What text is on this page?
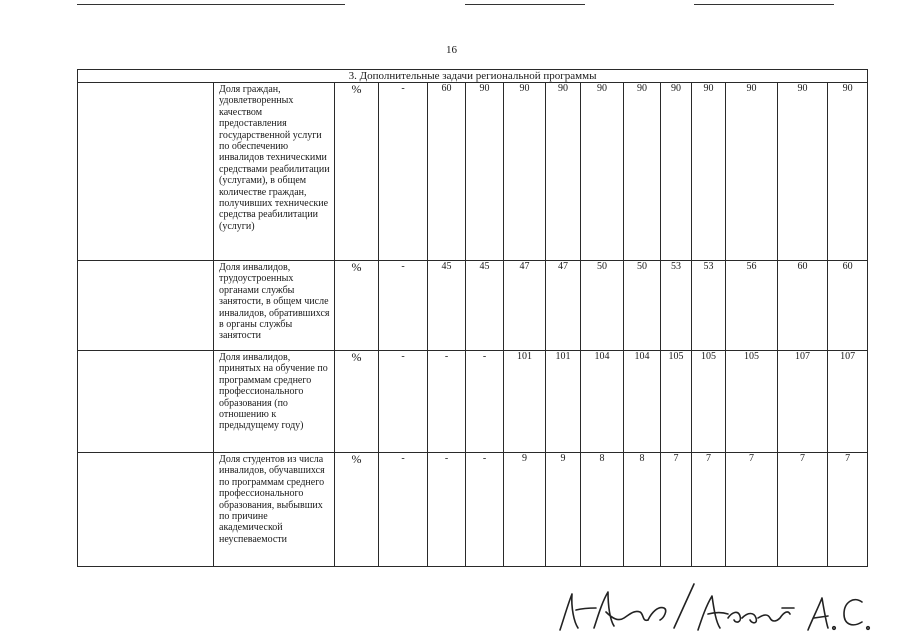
16
3. Дополнительные задачи региональной программы														
	Доля граждан, удовлетворенных качеством предоставления государственной услуги по обеспечению инвалидов техническими средствами реабилитации (услугами), в общем количестве граждан, получивших технические средства реабилитации (услуги)	%	-	60	90	90	90	90	90	90	90	90	90	90
	Доля инвалидов, трудоустроенных органами службы занятости, в общем числе инвалидов, обратившихся в органы службы занятости	%	-	45	45	47	47	50	50	53	53	56	60	60
	Доля инвалидов, принятых на обучение по программам среднего профессионального образования (по отношению к предыдущему году)	%	-	-	-	101	101	104	104	105	105	105	107	107
	Доля студентов из числа инвалидов, обучавшихся по программам среднего профессионального образования, выбывших по причине академической неуспеваемости	%	-	-	-	9	9	8	8	7	7	7	7	7
